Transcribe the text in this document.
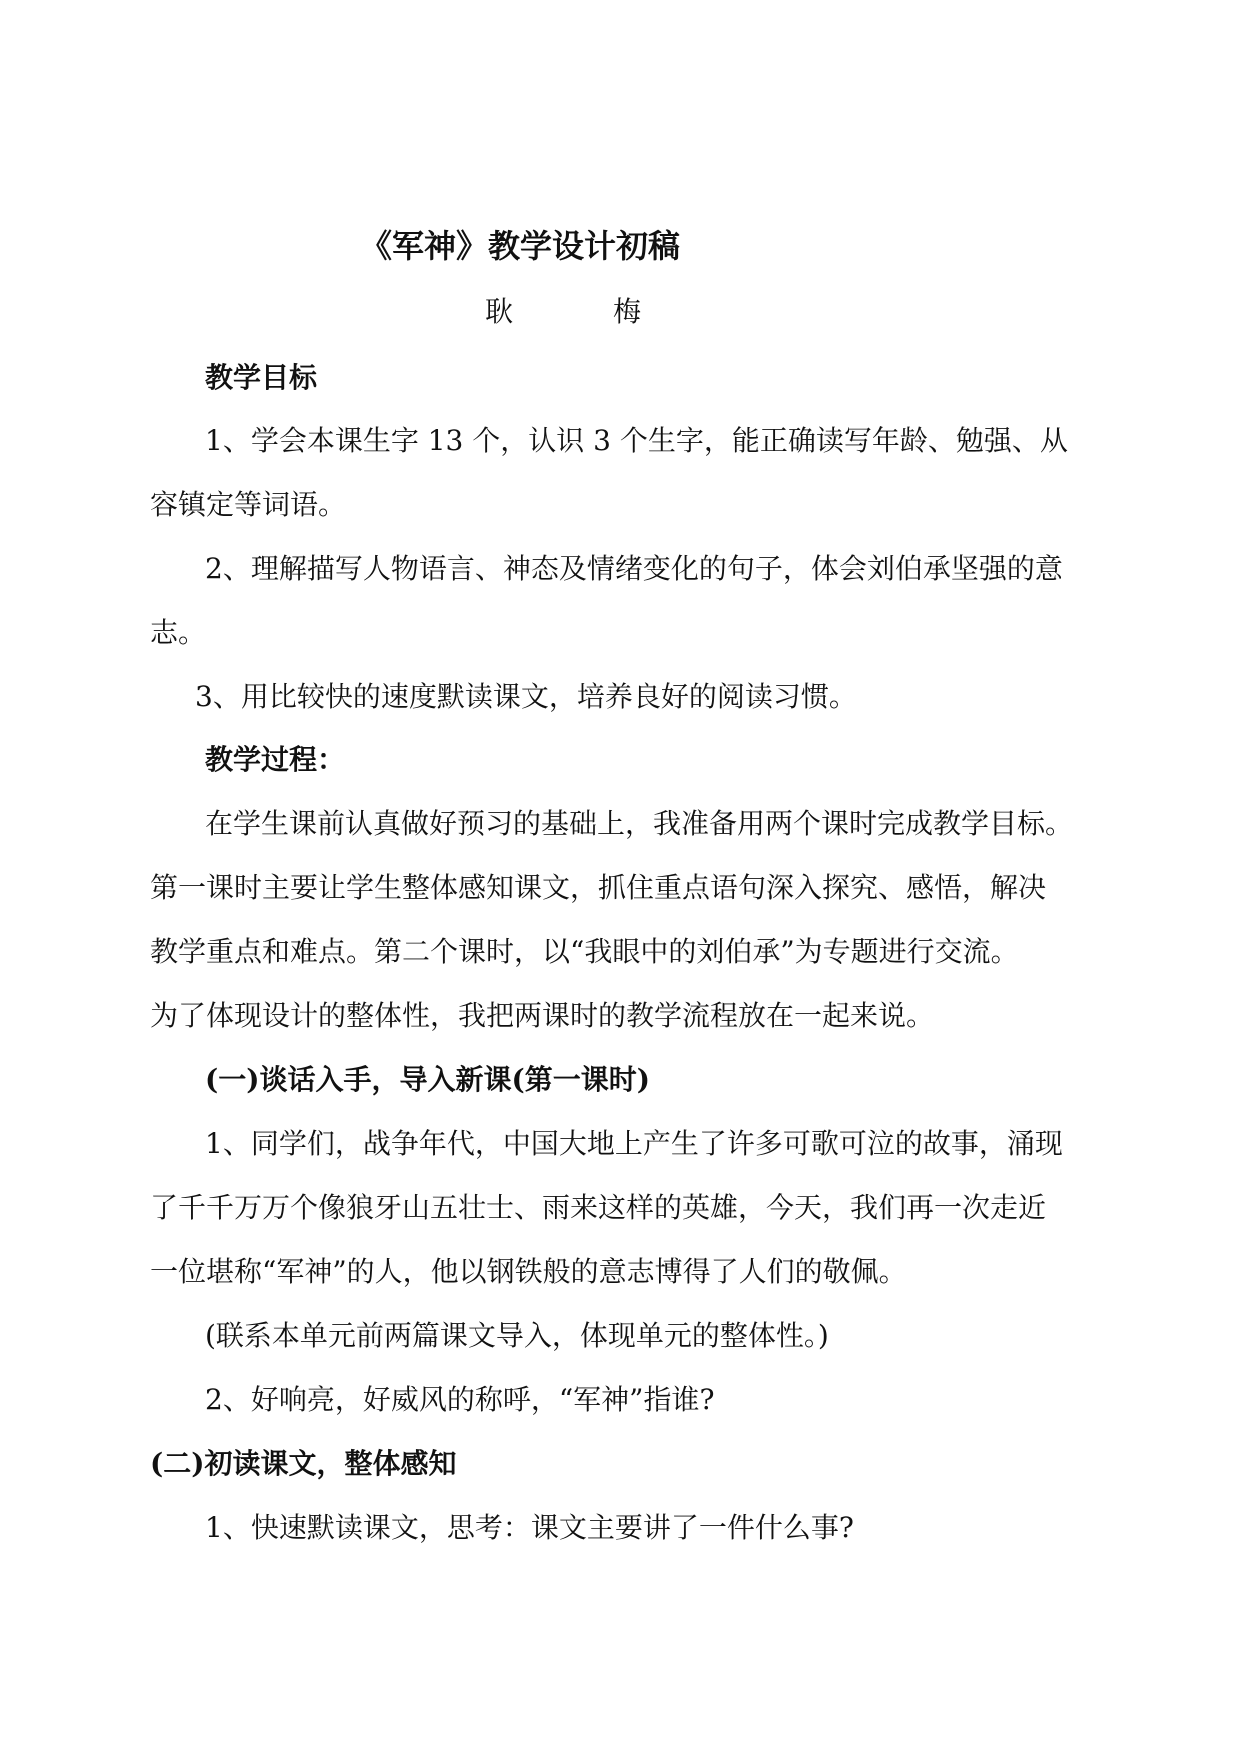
《军神》教学设计初稿
耿　梅
教学目标
1、学会本课生字 13 个，认识 3 个生字，能正确读写年龄、勉强、从
容镇定等词语。
2、理解描写人物语言、神态及情绪变化的句子，体会刘伯承坚强的意
志。
3、用比较快的速度默读课文，培养良好的阅读习惯。
教学过程：
在学生课前认真做好预习的基础上，我准备用两个课时完成教学目标。
第一课时主要让学生整体感知课文，抓住重点语句深入探究、感悟，解决
教学重点和难点。第二个课时，以“我眼中的刘伯承”为专题进行交流。
为了体现设计的整体性，我把两课时的教学流程放在一起来说。
(一)谈话入手，导入新课(第一课时)
1、同学们，战争年代，中国大地上产生了许多可歌可泣的故事，涌现
了千千万万个像狼牙山五壮士、雨来这样的英雄，今天，我们再一次走近
一位堪称“军神”的人，他以钢铁般的意志博得了人们的敬佩。
(联系本单元前两篇课文导入，体现单元的整体性。)
2、好响亮，好威风的称呼，“军神”指谁?
(二)初读课文，整体感知
1、快速默读课文，思考：课文主要讲了一件什么事?
